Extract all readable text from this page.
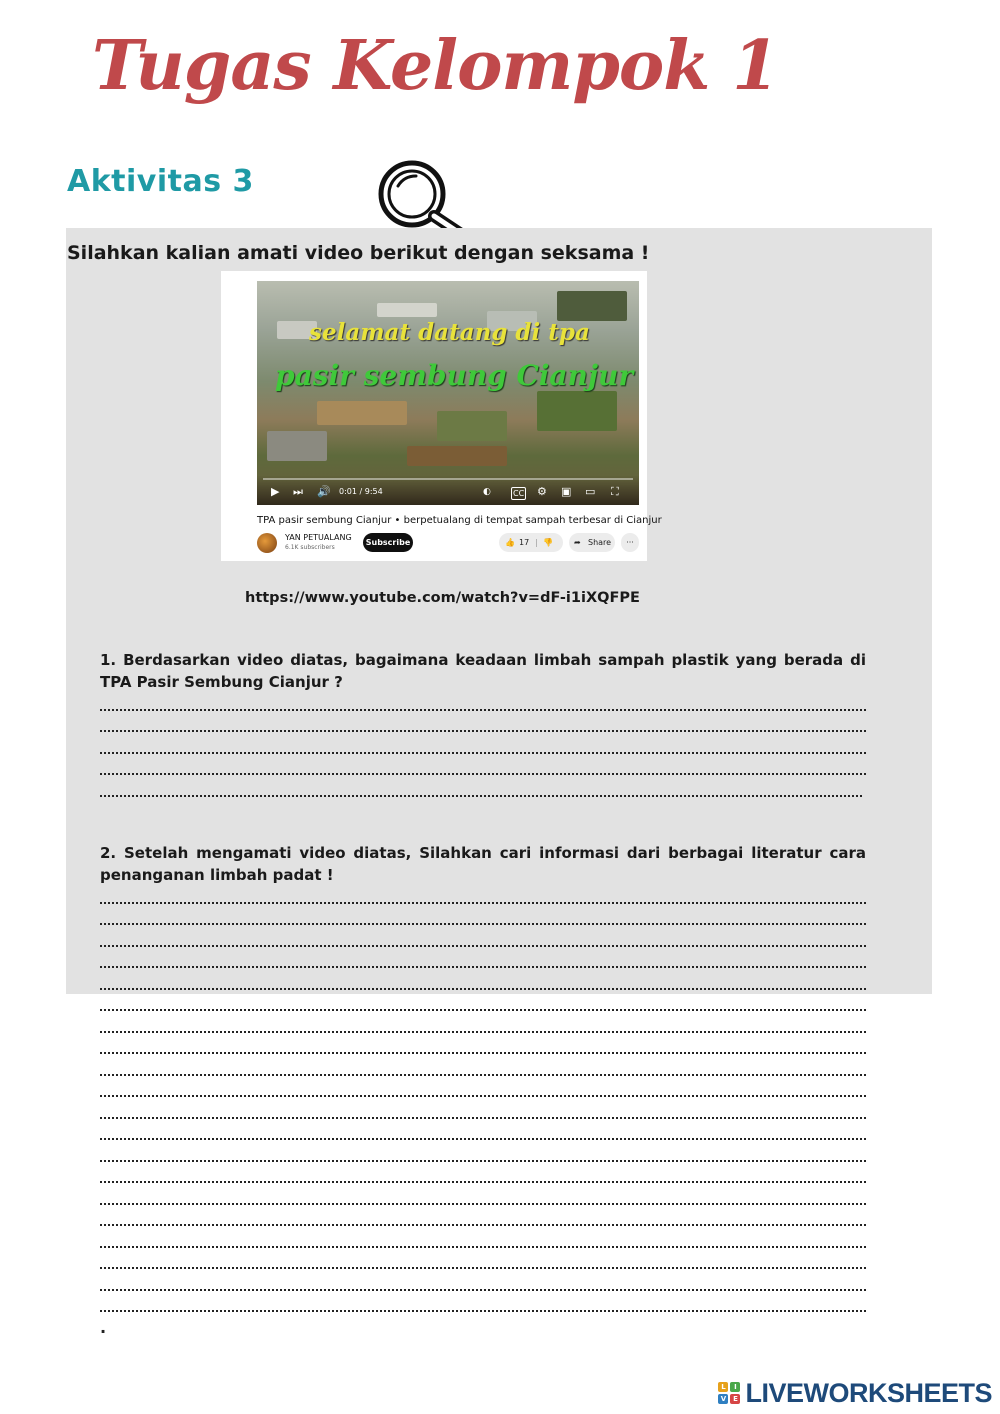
Tugas Kelompok 1
Aktivitas 3
Silahkan kalian amati video berikut dengan seksama !
selamat datang di tpa
pasir sembung Cianjur
▶ ⏭ 🔊 0:01 / 9:54	◐	CC ⚙ ▣ ▭ ⛶
TPA pasir sembung Cianjur • berpetualang di tempat sampah terbesar di Cianjur
YAN PETUALANG
6.1K subscribers
Subscribe	👍 17 | 👎	➦ Share	···
https://www.youtube.com/watch?v=dF-i1iXQFPE
1. Berdasarkan video diatas, bagaimana keadaan limbah sampah plastik yang berada di TPA Pasir Sembung Cianjur ?
2. Setelah mengamati video diatas, Silahkan cari informasi dari berbagai literatur cara penanganan limbah padat !
.
L	I
V E LIVEWORKSHEETS
